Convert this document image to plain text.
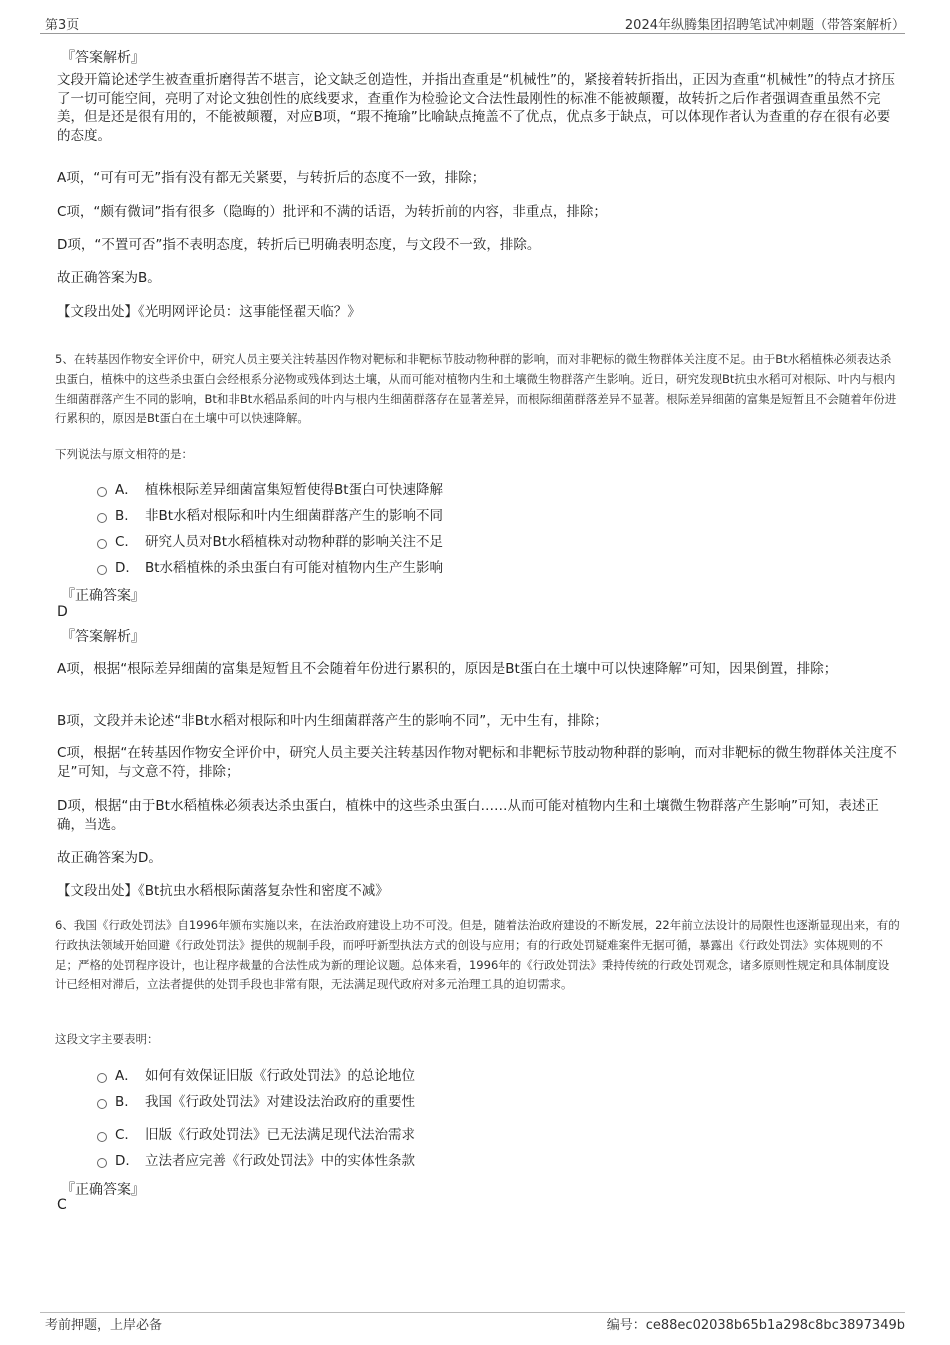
第3页	2024年纵腾集团招聘笔试冲刺题（带答案解析）
『答案解析』
文段开篇论述学生被查重折磨得苦不堪言，论文缺乏创造性，并指出查重是“机械性”的，紧接着转折指出，正因为查重“机械性”的特点才挤压了一切可能空间，亮明了对论文独创性的底线要求，查重作为检验论文合法性最刚性的标准不能被颠覆，故转折之后作者强调查重虽然不完美，但是还是很有用的，不能被颠覆，对应B项，“瑕不掩瑜”比喻缺点掩盖不了优点，优点多于缺点，可以体现作者认为查重的存在很有必要的态度。
A项，“可有可无”指有没有都无关紧要，与转折后的态度不一致，排除；
C项，“颇有微词”指有很多（隐晦的）批评和不满的话语，为转折前的内容，非重点，排除；
D项，“不置可否”指不表明态度，转折后已明确表明态度，与文段不一致，排除。
故正确答案为B。
【文段出处】《光明网评论员：这事能怪翟天临？》
5、在转基因作物安全评价中，研究人员主要关注转基因作物对靶标和非靶标节肢动物种群的影响，而对非靶标的微生物群体关注度不足。由于Bt水稻植株必须表达杀虫蛋白，植株中的这些杀虫蛋白会经根系分泌物或残体到达土壤，从而可能对植物内生和土壤微生物群落产生影响。近日，研究发现Bt抗虫水稻可对根际、叶内与根内生细菌群落产生不同的影响，Bt和非Bt水稻品系间的叶内与根内生细菌群落存在显著差异，而根际细菌群落差异不显著。根际差异细菌的富集是短暂且不会随着年份进行累积的，原因是Bt蛋白在土壤中可以快速降解。
下列说法与原文相符的是：
A． 植株根际差异细菌富集短暂使得Bt蛋白可快速降解
B.	非Bt水稻对根际和叶内生细菌群落产生的影响不同
C.	研究人员对Bt水稻植株对动物种群的影响关注不足
D.	Bt水稻植株的杀虫蛋白有可能对植物内生产生影响
『正确答案』
D
『答案解析』
A项，根据“根际差异细菌的富集是短暂且不会随着年份进行累积的，原因是Bt蛋白在土壤中可以快速降解”可知，因果倒置，排除；
B项，文段并未论述“非Bt水稻对根际和叶内生细菌群落产生的影响不同”，无中生有，排除；
C项，根据“在转基因作物安全评价中，研究人员主要关注转基因作物对靶标和非靶标节肢动物种群的影响，而对非靶标的微生物群体关注度不足”可知，与文意不符，排除；
D项，根据“由于Bt水稻植株必须表达杀虫蛋白，植株中的这些杀虫蛋白……从而可能对植物内生和土壤微生物群落产生影响”可知，表述正确，当选。
故正确答案为D。
【文段出处】《Bt抗虫水稻根际菌落复杂性和密度不减》
6、我国《行政处罚法》自1996年颁布实施以来，在法治政府建设上功不可没。但是，随着法治政府建设的不断发展，22年前立法设计的局限性也逐渐显现出来，有的行政执法领域开始回避《行政处罚法》提供的规制手段，而呼吁新型执法方式的创设与应用；有的行政处罚疑难案件无据可循，暴露出《行政处罚法》实体规则的不足；严格的处罚程序设计，也让程序裁量的合法性成为新的理论议题。总体来看，1996年的《行政处罚法》秉持传统的行政处罚观念，诸多原则性规定和具体制度设计已经相对滞后，立法者提供的处罚手段也非常有限，无法满足现代政府对多元治理工具的迫切需求。
这段文字主要表明：
A． 如何有效保证旧版《行政处罚法》的总论地位
B.	我国《行政处罚法》对建设法治政府的重要性
C.	旧版《行政处罚法》已无法满足现代法治需求
D.	立法者应完善《行政处罚法》中的实体性条款
『正确答案』
C
考前押题，上岸必备	编号：ce88ec02038b65b1a298c8bc3897349b
